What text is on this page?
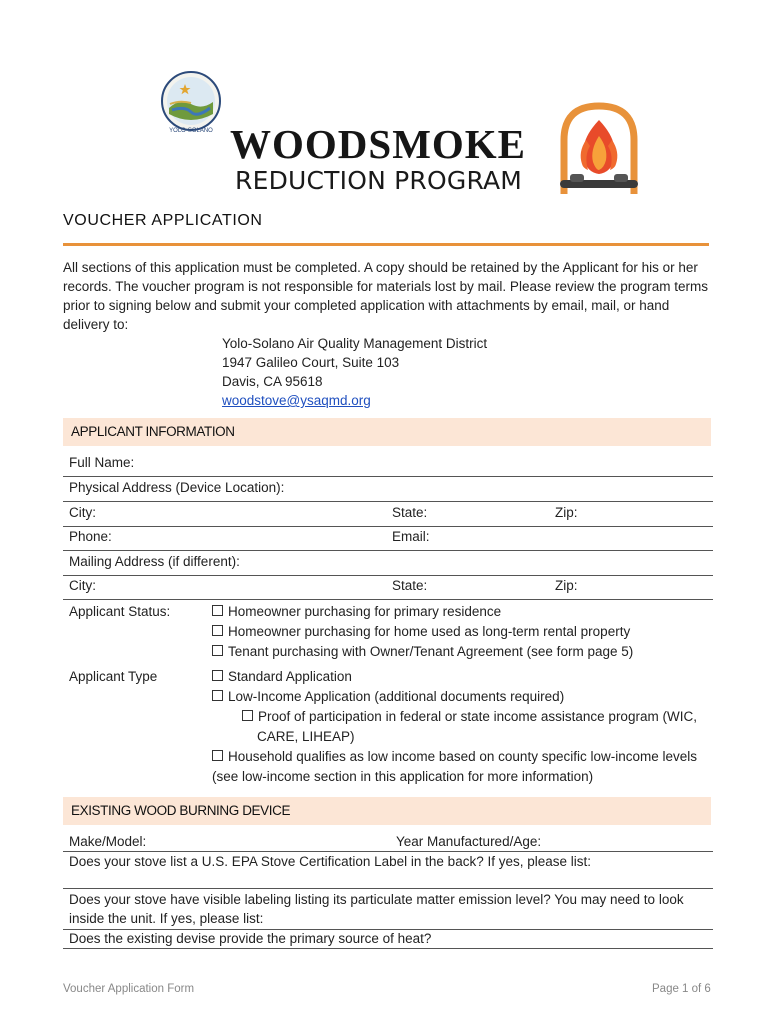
YOLO-SOLANO WOODSMOKE
REDUCTION PROGRAM
VOUCHER APPLICATION
All sections of this application must be completed. A copy should be retained by the Applicant for his or her records. The voucher program is not responsible for materials lost by mail. Please review the program terms prior to signing below and submit your completed application with attachments by email, mail, or hand delivery to:
Yolo-Solano Air Quality Management District
1947 Galileo Court, Suite 103
Davis, CA 95618
woodstove@ysaqmd.org
APPLICANT INFORMATION
Full Name:
Physical Address (Device Location):
City:	State:	Zip:
Phone:	Email:
Mailing Address (if different):
City:	State:	Zip:
Applicant Status:	Homeowner purchasing for primary residence
Homeowner purchasing for home used as long-term rental property
Tenant purchasing with Owner/Tenant Agreement (see form page 5)
Applicant Type	Standard Application
Low-Income Application (additional documents required)
Proof of participation in federal or state income assistance program (WIC,
CARE, LIHEAP)
Household qualifies as low income based on county specific low-income levels
(see low-income section in this application for more information)
EXISTING WOOD BURNING DEVICE
Make/Model:	Year Manufactured/Age:
Does your stove list a U.S. EPA Stove Certification Label in the back? If yes, please list:
Does your stove have visible labeling listing its particulate matter emission level? You may need to look
inside the unit. If yes, please list:
Does the existing devise provide the primary source of heat?
Voucher Application Form	Page 1 of 6
